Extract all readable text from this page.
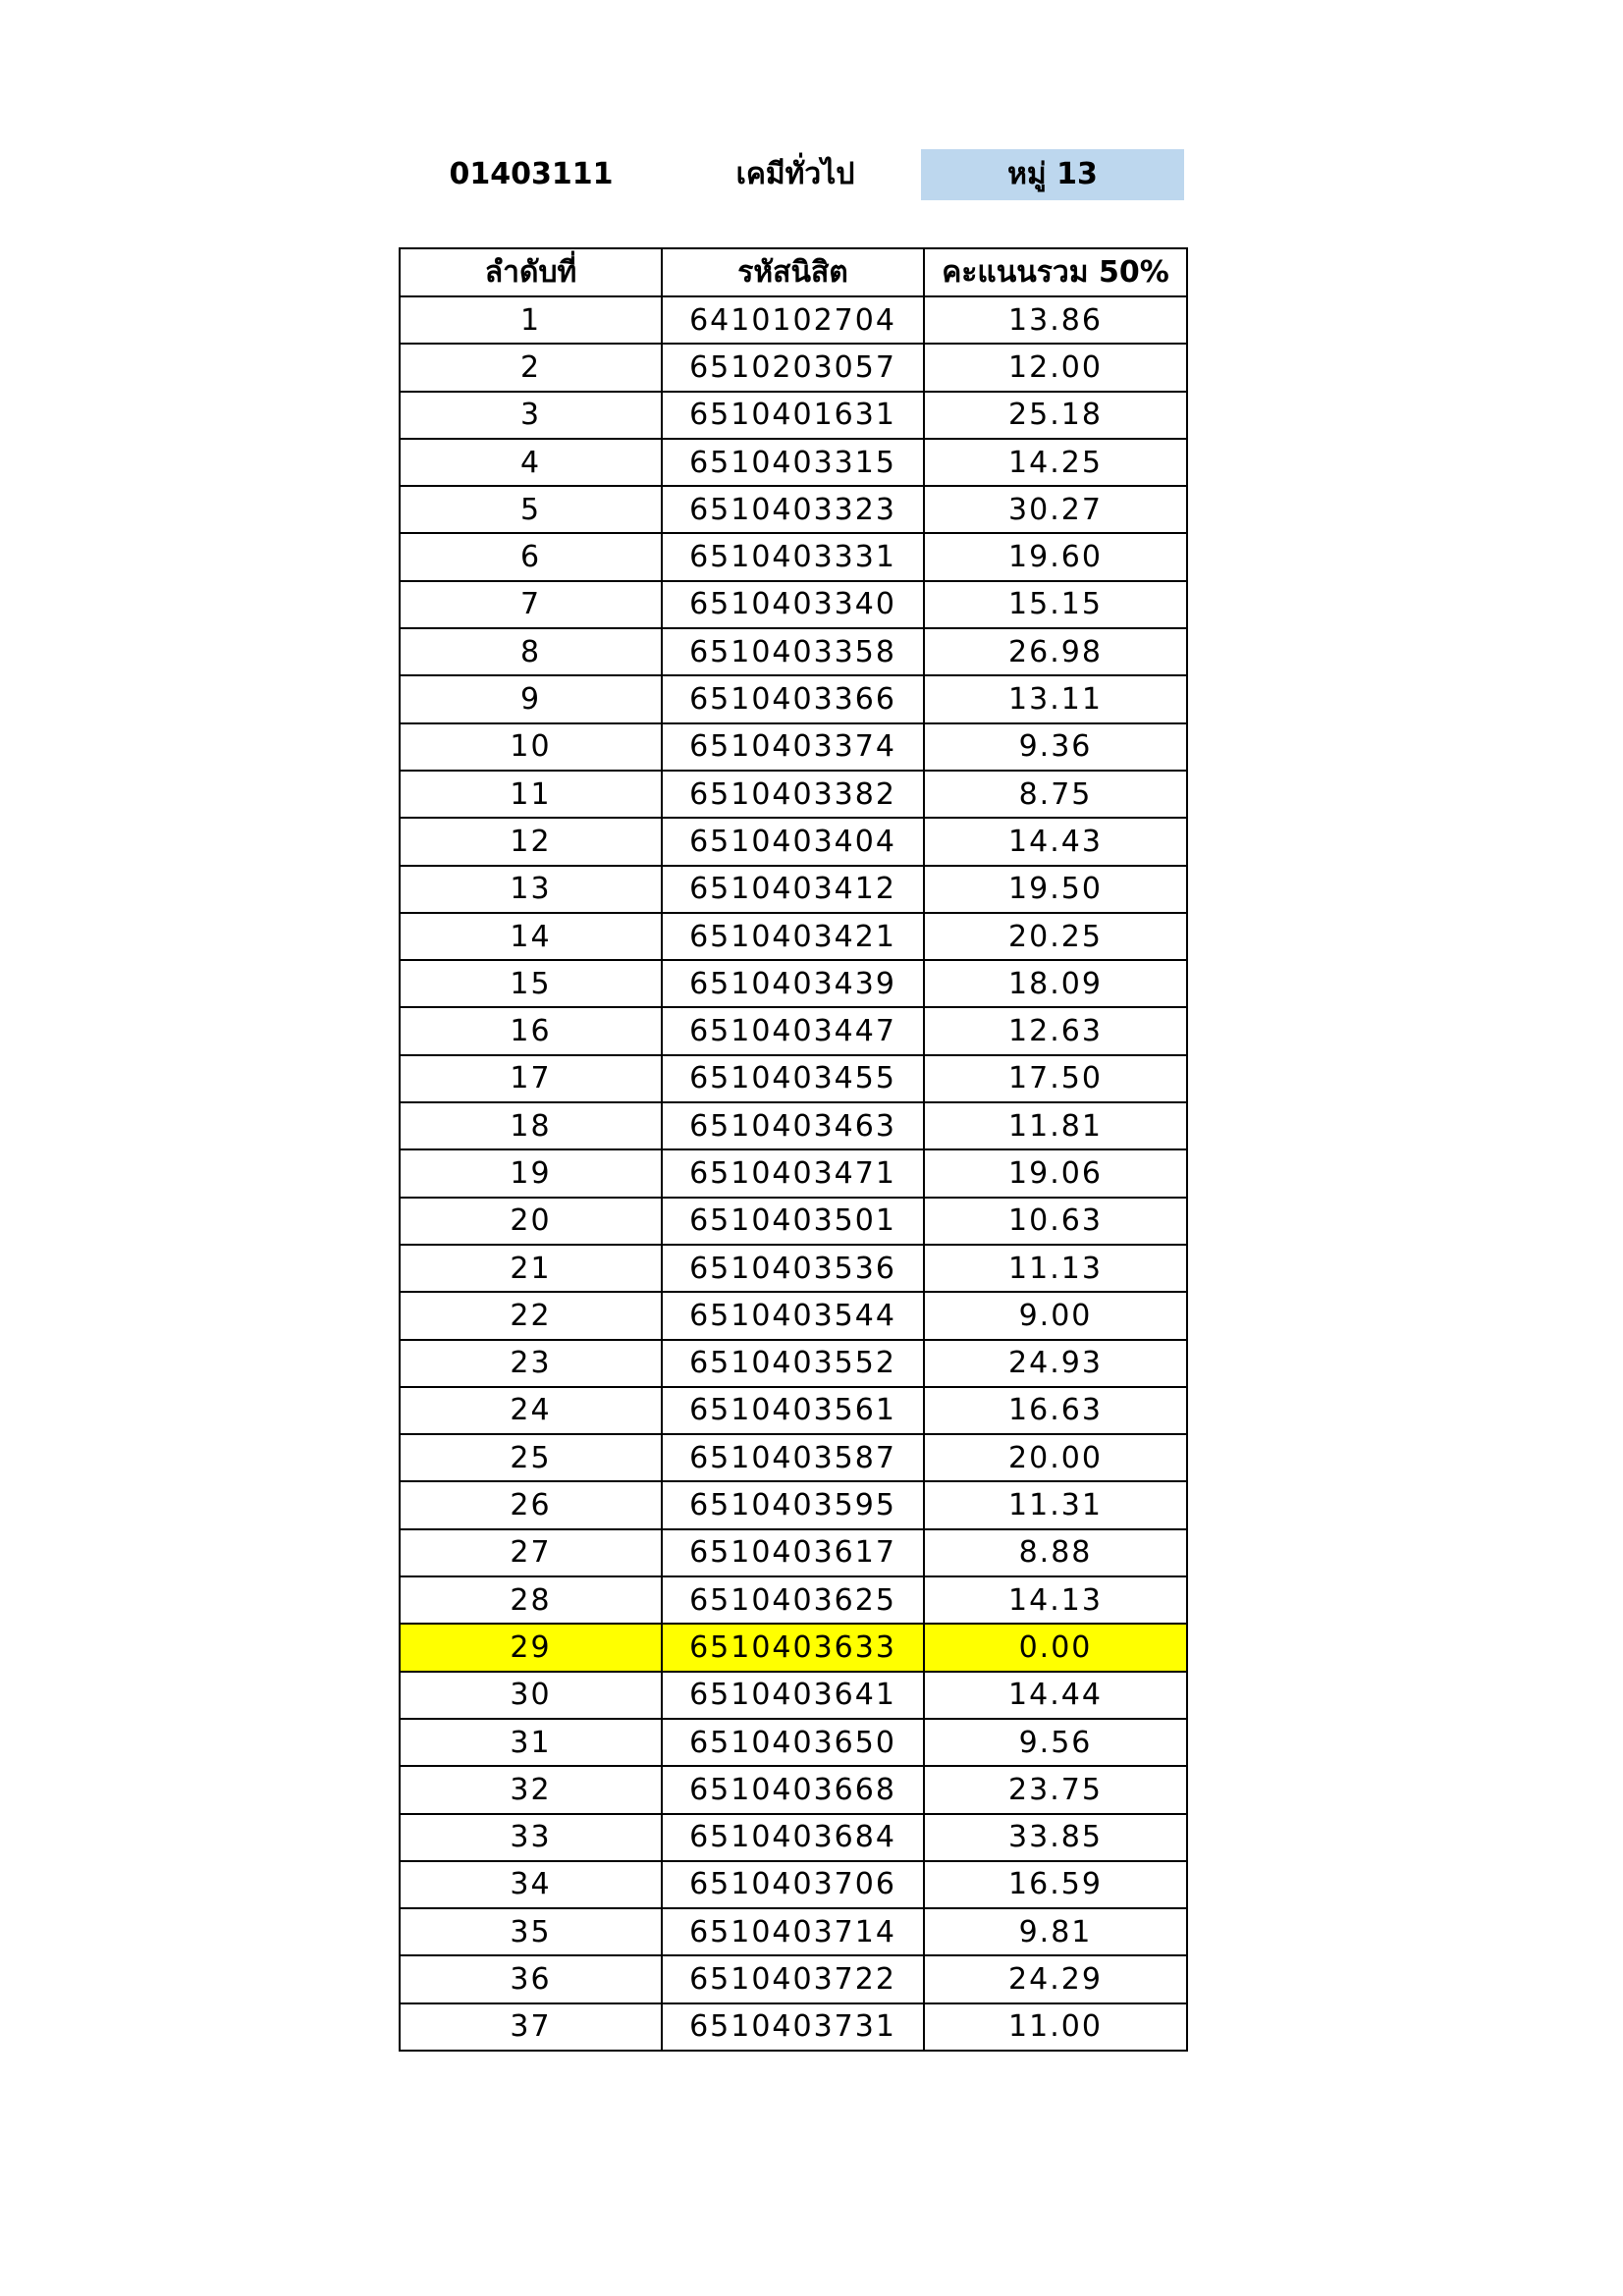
01403111	เคมีทั่วไป	หมู่ 13
ลำดับที่	รหัสนิสิต	คะแนนรวม 50%
1	6410102704	13.86
2	6510203057	12.00
3	6510401631	25.18
4	6510403315	14.25
5	6510403323	30.27
6	6510403331	19.60
7	6510403340	15.15
8	6510403358	26.98
9	6510403366	13.11
10	6510403374	9.36
11	6510403382	8.75
12	6510403404	14.43
13	6510403412	19.50
14	6510403421	20.25
15	6510403439	18.09
16	6510403447	12.63
17	6510403455	17.50
18	6510403463	11.81
19	6510403471	19.06
20	6510403501	10.63
21	6510403536	11.13
22	6510403544	9.00
23	6510403552	24.93
24	6510403561	16.63
25	6510403587	20.00
26	6510403595	11.31
27	6510403617	8.88
28	6510403625	14.13
29	6510403633	0.00
30	6510403641	14.44
31	6510403650	9.56
32	6510403668	23.75
33	6510403684	33.85
34	6510403706	16.59
35	6510403714	9.81
36	6510403722	24.29
37	6510403731	11.00
